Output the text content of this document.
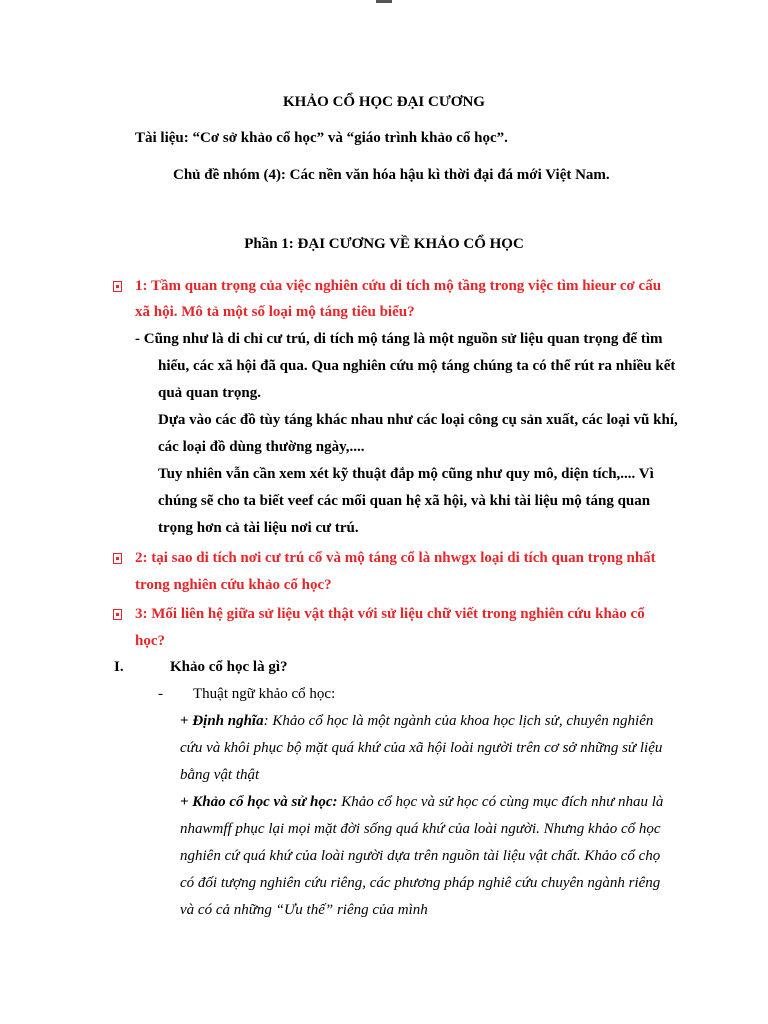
KHẢO CỔ HỌC ĐẠI CƯƠNG
Tài liệu: “Cơ sở khảo cổ học” và “giáo trình khảo cổ học”.
Chủ đề nhóm (4): Các nền văn hóa hậu kì thời đại đá mới Việt Nam.
Phần 1: ĐẠI CƯƠNG VỀ KHẢO CỔ HỌC
1: Tầm quan trọng của việc nghiên cứu di tích mộ tầng trong việc tìm hieur cơ cấu
xã hội. Mô tả một số loại mộ táng tiêu biểu?
- Cũng như là di chỉ cư trú, di tích mộ táng là một nguồn sử liệu quan trọng để tìm
hiểu, các xã hội đã qua. Qua nghiên cứu mộ táng chúng ta có thể rút ra nhiều kết
quả quan trọng.
Dựa vào các đồ tùy táng khác nhau như các loại công cụ sản xuất, các loại vũ khí,
các loại đồ dùng thường ngày,....
Tuy nhiên vẫn cần xem xét kỹ thuật đắp mộ cũng như quy mô, diện tích,.... Vì
chúng sẽ cho ta biết veef các mối quan hệ xã hội, và khi tài liệu mộ táng quan
trọng hơn cả tài liệu nơi cư trú.
2: tại sao di tích nơi cư trú cổ và mộ táng cổ là nhwgx loại di tích quan trọng nhất
trong nghiên cứu khảo cổ học?
3: Mối liên hệ giữa sử liệu vật thật với sử liệu chữ viết trong nghiên cứu khảo cổ
học?
I.	Khảo cổ học là gì?
- Thuật ngữ khảo cổ học:
+ Định nghĩa: Khảo cổ học là một ngành của khoa học lịch sử, chuyên nghiên
cứu và khôi phục bộ mặt quá khứ của xã hội loài người trên cơ sở những sử liệu
bằng vật thật
+ Khảo cổ học và sử học: Khảo cổ học và sử học có cùng mục đích như nhau là
nhawmff phục lại mọi mặt đời sống quá khứ của loài người. Nhưng khảo cổ học
nghiên cứ quá khứ của loài người dựa trên nguồn tài liệu vật chất. Khảo cổ chọ
có đối tượng nghiên cứu riêng, các phương pháp nghiê cứu chuyên ngành riêng
và có cả những “Ưu thế” riêng của mình
